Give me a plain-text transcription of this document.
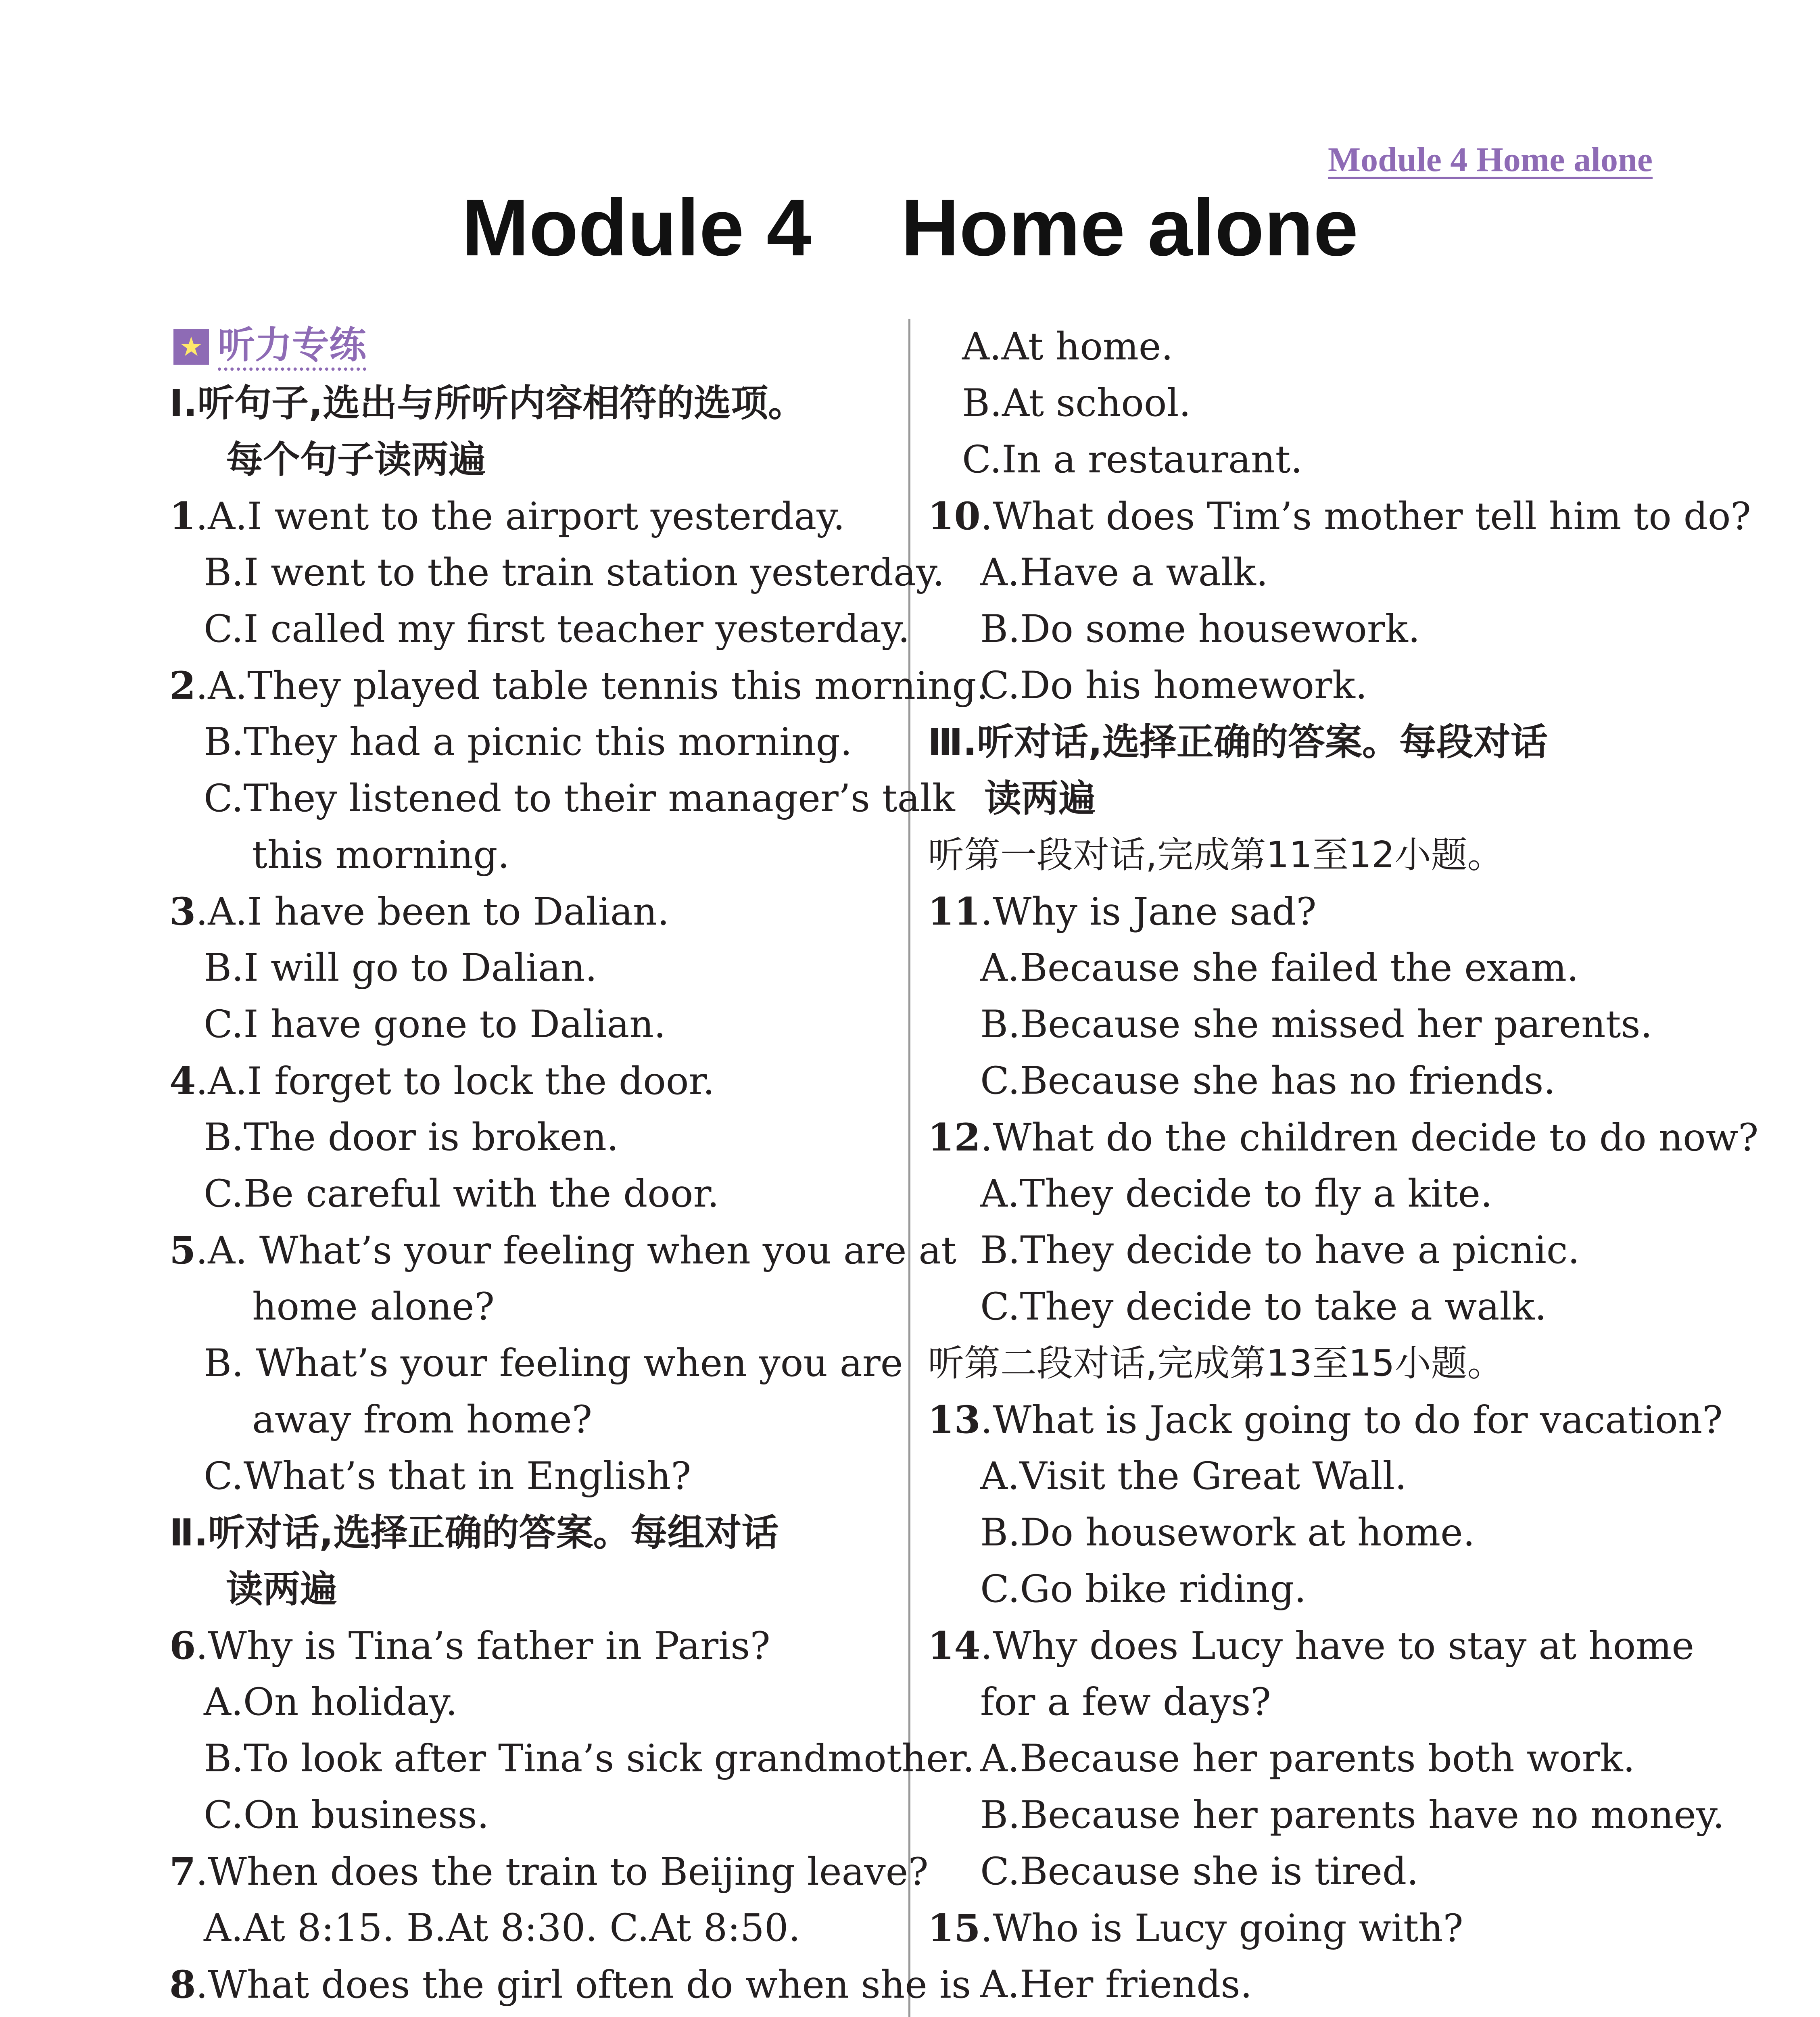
Module 4 Home alone

Module 4    Home alone
★ 听力专练

Ⅰ.听句子,选出与所听内容相符的选项。

每个句子读两遍

1.A.I went to the airport yesterday.

B.I went to the train station yesterday.

C.I called my first teacher yesterday.

2.A.They played table tennis this morning.

B.They had a picnic this morning.

C.They listened to their manager’s talk

this morning.

3.A.I have been to Dalian.

B.I will go to Dalian.

C.I have gone to Dalian.

4.A.I forget to lock the door.

B.The door is broken.

C.Be careful with the door.

5.A. What’s your feeling when you are at

home alone?

B. What’s your feeling when you are

away from home?

C.What’s that in English?

Ⅱ.听对话,选择正确的答案。每组对话

读两遍

6.Why is Tina’s father in Paris?

A.On holiday.

B.To look after Tina’s sick grandmother.

C.On business.

7.When does the train to Beijing leave?

A.At 8:15. B.At 8:30. C.At 8:50.

8.What does the girl often do when she is

A.At home.

B.At school.

C.In a restaurant.

10.What does Tim’s mother tell him to do?

A.Have a walk.

B.Do some housework.

C.Do his homework.

Ⅲ.听对话,选择正确的答案。每段对话

读两遍

听第一段对话,完成第11至12小题。

11.Why is Jane sad?

A.Because she failed the exam.

B.Because she missed her parents.

C.Because she has no friends.

12.What do the children decide to do now?

A.They decide to fly a kite.

B.They decide to have a picnic.

C.They decide to take a walk.

听第二段对话,完成第13至15小题。

13.What is Jack going to do for vacation?

A.Visit the Great Wall.

B.Do housework at home.

C.Go bike riding.

14.Why does Lucy have to stay at home

for a few days?

A.Because her parents both work.

B.Because her parents have no money.

C.Because she is tired.

15.Who is Lucy going with?

A.Her friends.
